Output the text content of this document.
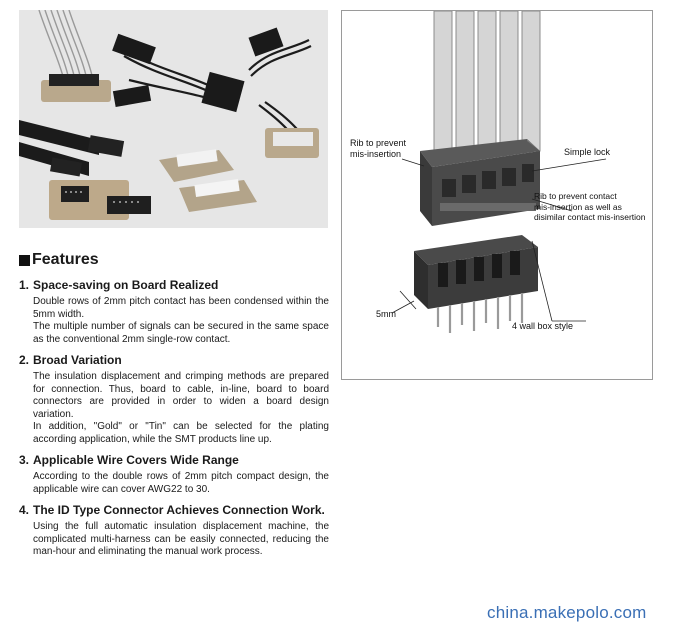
Rib to prevent
mis-insertion	Simple lock
Rib to prevent contact
mis-insertion as well as
disimilar contact mis-insertion
5mm
4 wall box style
Features
1. Space-saving on Board Realized

Double rows of 2mm pitch contact has been condensed within the 5mm width.

The multiple number of signals can be secured in the same space as the conventional 2mm single-row contact.

2. Broad Variation

The insulation displacement and crimping methods are prepared for connection. Thus, board to cable, in-line, board to board connectors are provided in order to widen a board design variation.

In addition, "Gold" or "Tin" can be selected for the plating according application, while the SMT products line up.

3. Applicable Wire Covers Wide Range

According to the double rows of 2mm pitch compact design, the applicable wire can cover AWG22 to 30.

4. The ID Type Connector Achieves Connection Work.

Using the full automatic insulation displacement machine, the complicated multi-harness can be easily connected, reducing the man-hour and eliminating the manual work process.

china.makepolo.com
